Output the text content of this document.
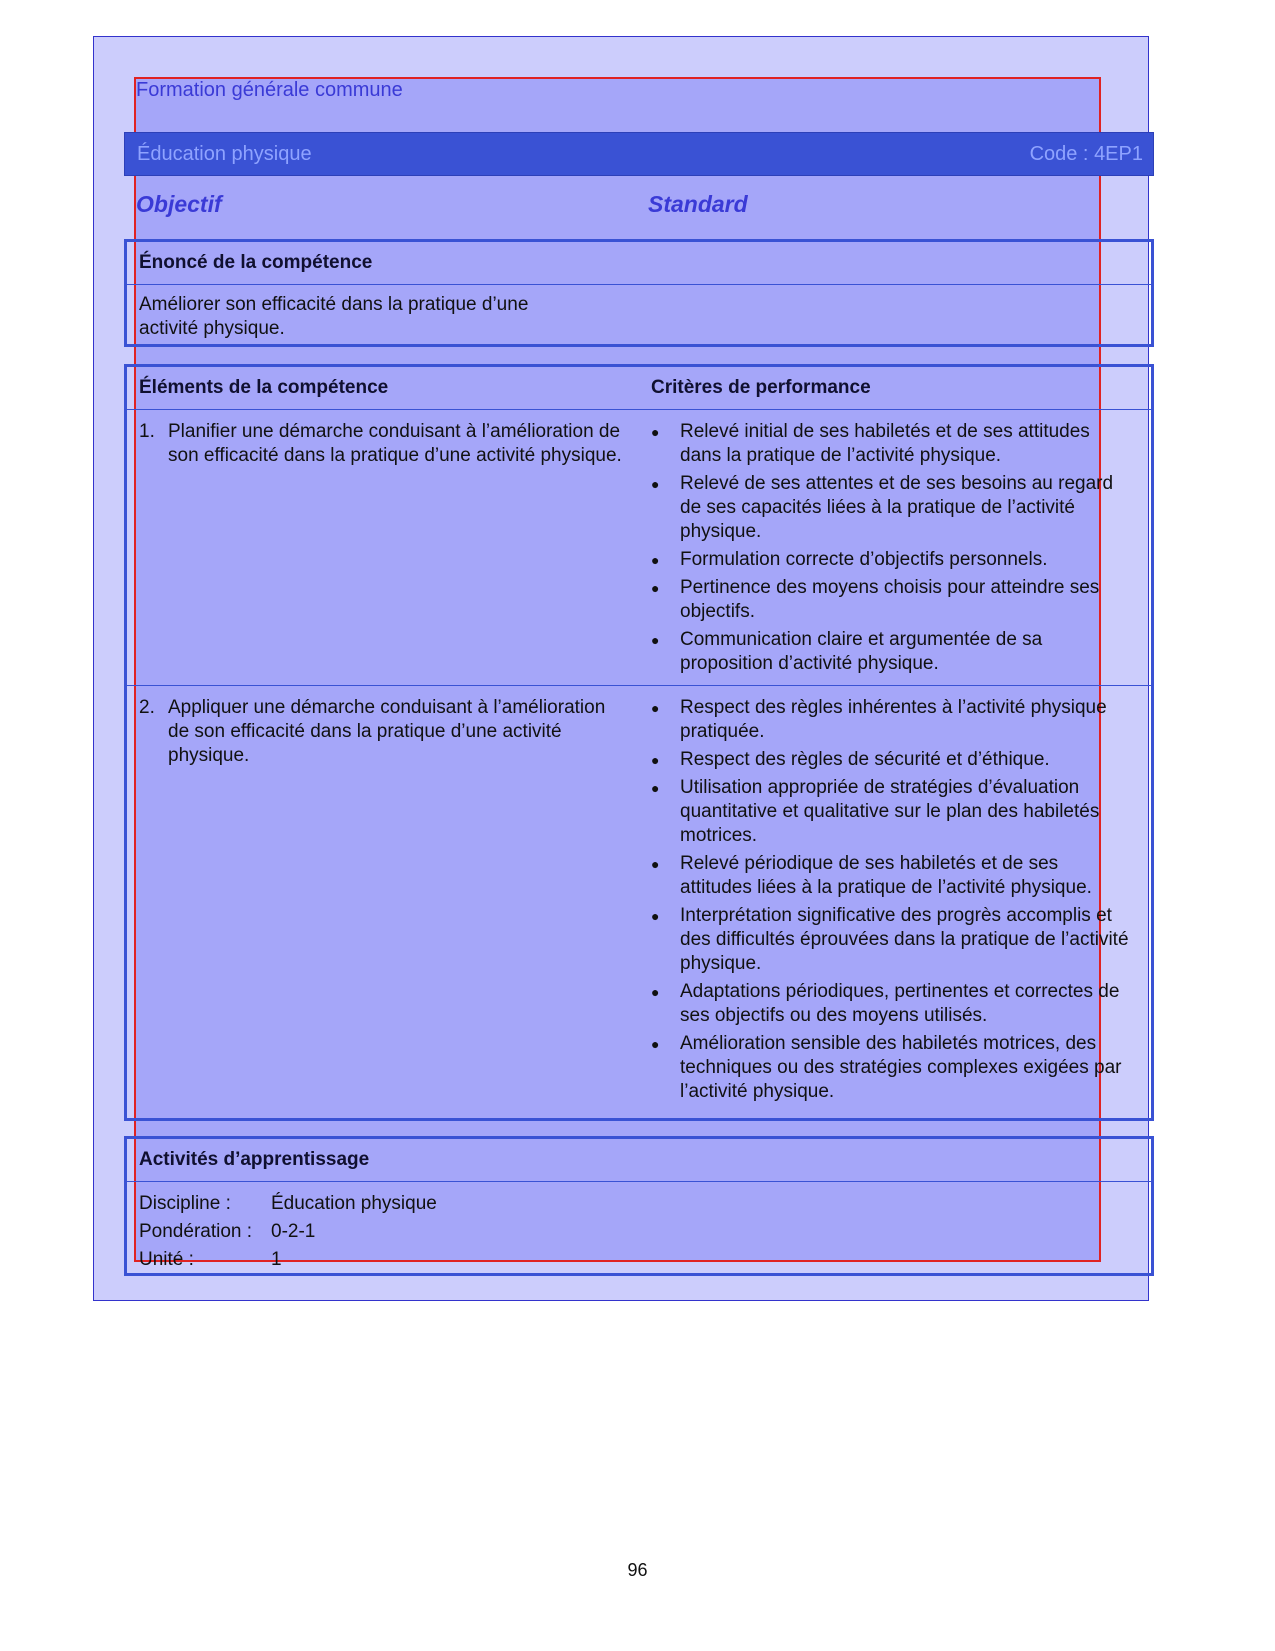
Formation générale commune
Éducation physique	Code : 4EP1
Objectif	Standard
Énoncé de la compétence
Améliorer son efficacité dans la pratique d’une activité physique.
Éléments de la compétence	Critères de performance
1. Planifier une démarche conduisant à l’amélioration de son efficacité dans la pratique d’une activité physique.
●	Relevé initial de ses habiletés et de ses attitudes dans la pratique de l’activité physique.
●	Relevé de ses attentes et de ses besoins au regard de ses capacités liées à la pratique de l’activité physique.
●	Formulation correcte d’objectifs personnels.
●	Pertinence des moyens choisis pour atteindre ses objectifs.
●	Communication claire et argumentée de sa proposition d’activité physique.
2. Appliquer une démarche conduisant à l’amélioration de son efficacité dans la pratique d’une activité physique.
●	Respect des règles inhérentes à l’activité physique pratiquée.
●	Respect des règles de sécurité et d’éthique.
●	Utilisation appropriée de stratégies d’évaluation quantitative et qualitative sur le plan des habiletés motrices.
●	Relevé périodique de ses habiletés et de ses attitudes liées à la pratique de l’activité physique.
●	Interprétation significative des progrès accomplis et des difficultés éprouvées dans la pratique de l’activité physique.
●	Adaptations périodiques, pertinentes et correctes de ses objectifs ou des moyens utilisés.
●	Amélioration sensible des habiletés motrices, des techniques ou des stratégies complexes exigées par l’activité physique.
Activités d’apprentissage
Discipline :	Éducation physique
Pondération : 0-2-1
Unité :	1
96
